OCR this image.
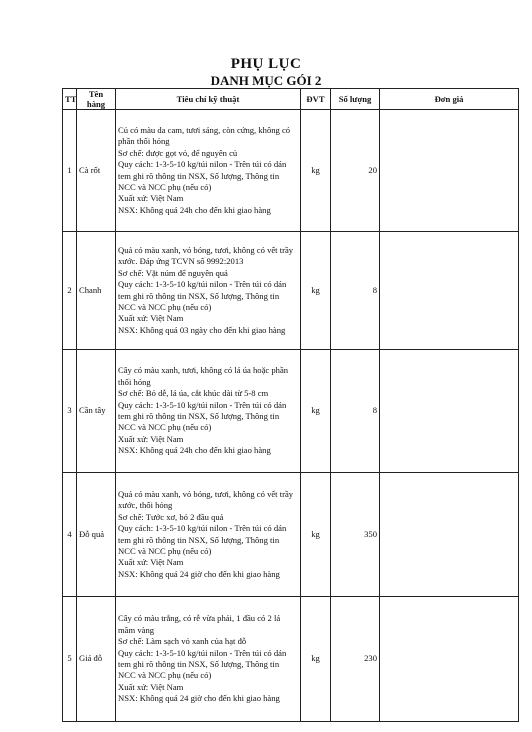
PHỤ LỤC
DANH MỤC GÓI 2
TT	Tên hàng	Tiêu chí kỹ thuật	ĐVT	Số lượng	Đơn giá
1	Cà rốt	Củ có màu da cam, tươi sáng, còn cứng, không có phần thối hỏng
Sơ chế: được gọt vỏ, để nguyên củ
Quy cách: 1-3-5-10 kg/túi nilon - Trên túi có dán tem ghi rõ thông tin NSX, Số lượng, Thông tin NCC và NCC phụ (nếu có)
Xuất xứ: Việt Nam
NSX: Không quá 24h cho đến khi giao hàng	kg	20	
2	Chanh	Quả có màu xanh, vỏ bóng, tươi, không có vết trầy xước. Đáp ứng TCVN số 9992:2013
Sơ chế: Vặt núm để nguyên quả
Quy cách: 1-3-5-10 kg/túi nilon - Trên túi có dán tem ghi rõ thông tin NSX, Số lượng, Thông tin NCC và NCC phụ (nếu có)
Xuất xứ: Việt Nam
NSX: Không quá 03 ngày cho đến khi giao hàng	kg	8	
3	Cần tây	Cây có màu xanh, tươi, không có lá úa hoặc phần thối hỏng
Sơ chế: Bỏ dễ, lá úa, cắt khúc dài từ 5-8 cm
Quy cách: 1-3-5-10 kg/túi nilon - Trên túi có dán tem ghi rõ thông tin NSX, Số lượng, Thông tin NCC và NCC phụ (nếu có)
Xuất xứ: Việt Nam
NSX: Không quá 24h cho đến khi giao hàng	kg	8	
4	Đỗ quả	Quả có màu xanh, vỏ bóng, tươi, không có vết trầy xước, thối hỏng
Sơ chế: Tước xơ, bỏ 2 đầu quả
Quy cách: 1-3-5-10 kg/túi nilon - Trên túi có dán tem ghi rõ thông tin NSX, Số lượng, Thông tin NCC và NCC phụ (nếu có)
Xuất xứ: Việt Nam
NSX: Không quá 24 giờ cho đến khi giao hàng	kg	350	
5	Giá đỗ	Cây có màu trắng, có rễ vừa phải, 1 đầu có 2 lá mầm vàng
Sơ chế: Làm sạch vỏ xanh của hạt đỗ
Quy cách: 1-3-5-10 kg/túi nilon - Trên túi có dán tem ghi rõ thông tin NSX, Số lượng, Thông tin NCC và NCC phụ (nếu có)
Xuất xứ: Việt Nam
NSX: Không quá 24 giờ cho đến khi giao hàng	kg	230	
